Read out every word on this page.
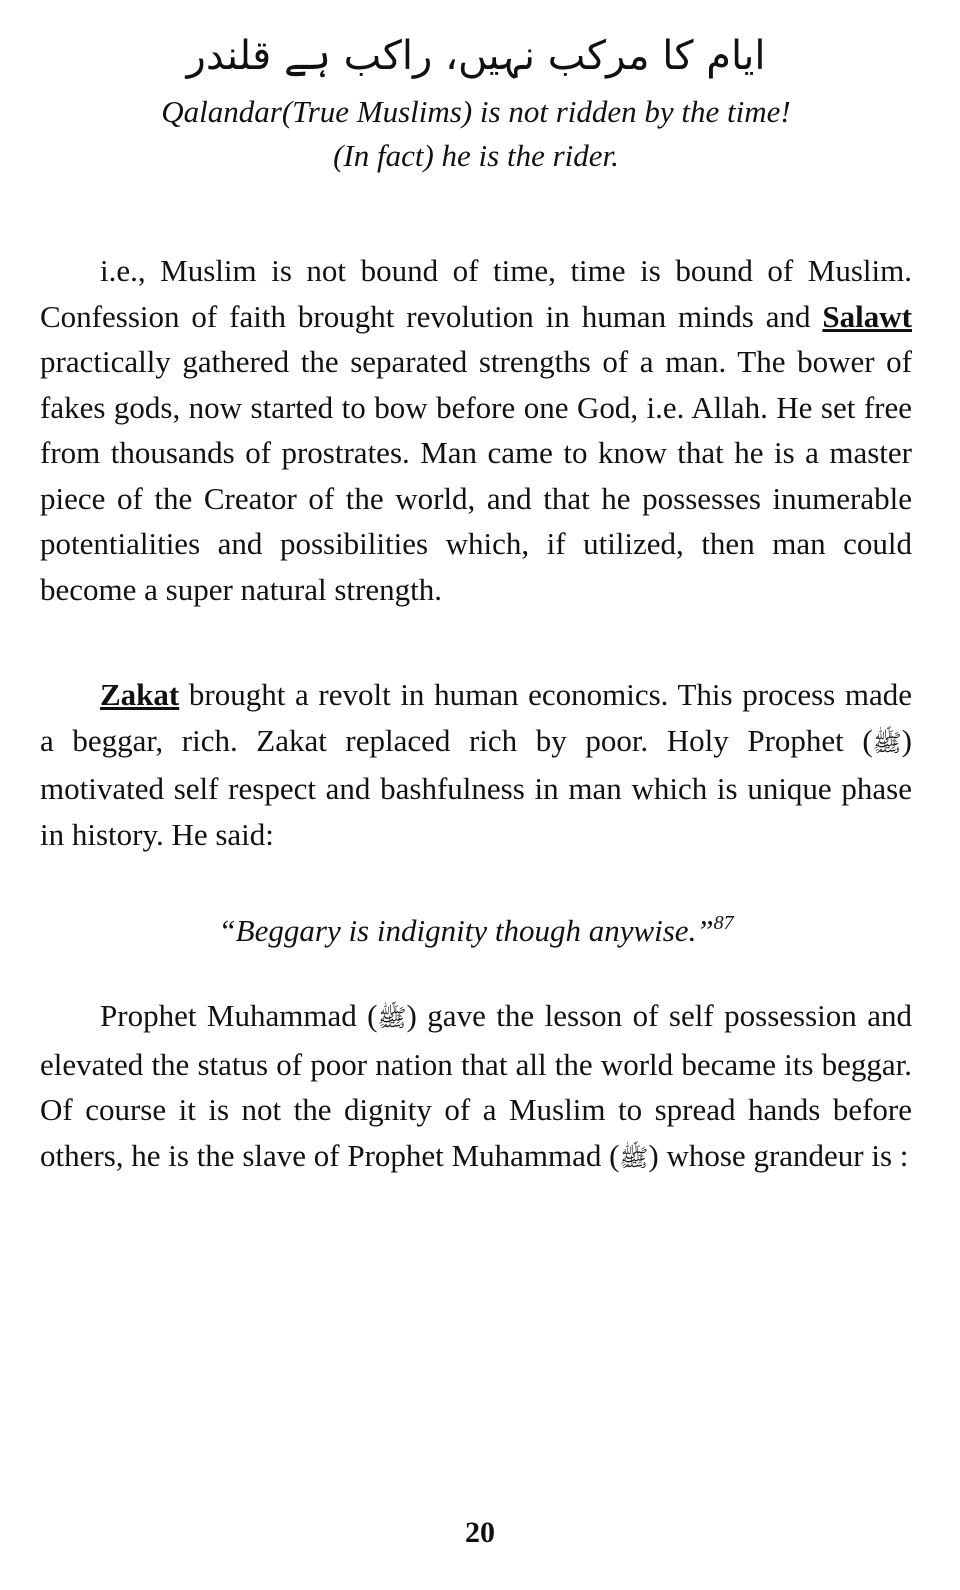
ایام کا مرکب نہیں، راکب ہے قلندر
Qalandar(True Muslims) is not ridden by the time!
(In fact) he is the rider.

i.e., Muslim is not bound of time, time is bound of Muslim. Confession of faith brought revolution in human minds and Salawt practically gathered the separated strengths of a man. The bower of fakes gods, now started to bow before one God, i.e. Allah. He set free from thousands of prostrates. Man came to know that he is a master piece of the Creator of the world, and that he possesses inumerable potentialities and possibilities which, if utilized, then man could become a super natural strength.

Zakat brought a revolt in human economics. This process made a beggar, rich. Zakat replaced rich by poor. Holy Prophet (ﷺ) motivated self respect and bashfulness in man which is unique phase in history. He said:

“Beggary is indignity though anywise.”$^{87}$

Prophet Muhammad (ﷺ) gave the lesson of self possession and elevated the status of poor nation that all the world became its beggar. Of course it is not the dignity of a Muslim to spread hands before others, he is the slave of Prophet Muhammad (ﷺ) whose grandeur is :

20
